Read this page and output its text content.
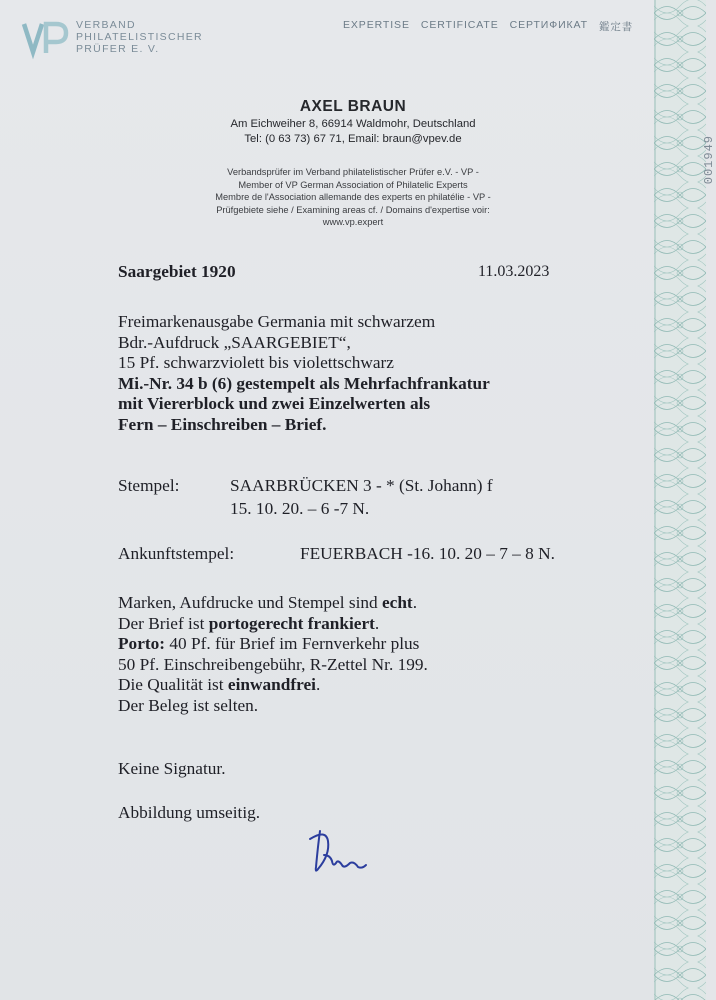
VERBAND
PHILATELISTISCHER
PRÜFER E. V.
EXPERTISE CERTIFICATE СЕРТИФИКАТ 鑑定書
AXEL BRAUN
Am Eichweiher 8, 66914 Waldmohr, Deutschland
Tel: (0 63 73) 67 71, Email: braun@vpev.de
Verbandsprüfer im Verband philatelistischer Prüfer e.V. - VP -
Member of VP German Association of Philatelic Experts
Membre de l'Association allemande des experts en philatélie - VP -
Prüfgebiete siehe / Examining areas cf. / Domains d'expertise voir:
www.vp.expert
Saargebiet 1920	11.03.2023
Freimarkenausgabe Germania mit schwarzem
Bdr.-Aufdruck „SAARGEBIET“,
15 Pf. schwarzviolett bis violettschwarz
Mi.-Nr. 34 b (6) gestempelt als Mehrfachfrankatur
mit Viererblock und zwei Einzelwerten als
Fern – Einschreiben – Brief.
Stempel:	SAARBRÜCKEN 3 - * (St. Johann) f
15. 10. 20. – 6 -7 N.
Ankunftstempel:	FEUERBACH -16. 10. 20 – 7 – 8 N.
Marken, Aufdrucke und Stempel sind echt.
Der Brief ist portogerecht frankiert.
Porto: 40 Pf. für Brief im Fernverkehr plus
50 Pf. Einschreibengebühr, R-Zettel Nr. 199.
Die Qualität ist einwandfrei.
Der Beleg ist selten.
Keine Signatur.
Abbildung umseitig.
001949
